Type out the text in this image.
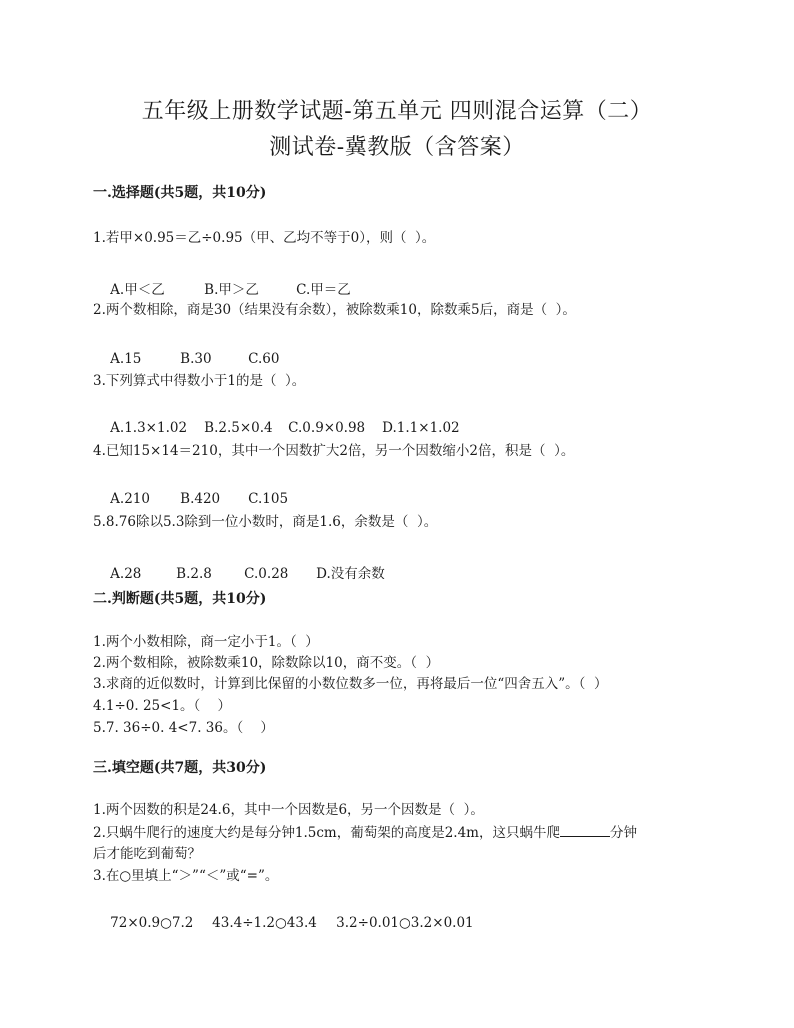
五年级上册数学试题-第五单元 四则混合运算（二）
测试卷-冀教版（含答案）
一.选择题(共5题，共10分)
1.若甲×0.95＝乙÷0.95（甲、乙均不等于0），则（  ）。

A.甲＜乙	B.甲＞乙	C.甲＝乙

2.两个数相除，商是30（结果没有余数），被除数乘10，除数乘5后，商是（  ）。

A.15	B.30	C.60

3.下列算式中得数小于1的是（  ）。

A.1.3×1.02 B.2.5×0.4 C.0.9×0.98 D.1.1×1.02

4.已知15×14＝210，其中一个因数扩大2倍，另一个因数缩小2倍，积是（  ）。

A.210 B.420 C.105

5.8.76除以5.3除到一位小数时，商是1.6，余数是（  ）。

A.28	B.2.8 C.0.28 D.没有余数

二.判断题(共5题，共10分)
1.两个小数相除，商一定小于1。（  ）
2.两个数相除，被除数乘10，除数除以10，商不变。（  ）
3.求商的近似数时，计算到比保留的小数位数多一位，再将最后一位“四舍五入”。（  ）
4.1÷0. 25<1。（    ）
5.7. 36÷0. 4<7. 36。（    ）
三.填空题(共7题，共30分)
1.两个因数的积是24.6，其中一个因数是6，另一个因数是（  ）。
2.只蜗牛爬行的速度大约是每分钟1.5cm，葡萄架的高度是2.4m，这只蜗牛爬	分钟
后才能吃到葡萄？
3.在○里填上“＞”“＜”或“=”。

72×0.9○7.2 43.4÷1.2○43.4 3.2÷0.01○3.2×0.01
